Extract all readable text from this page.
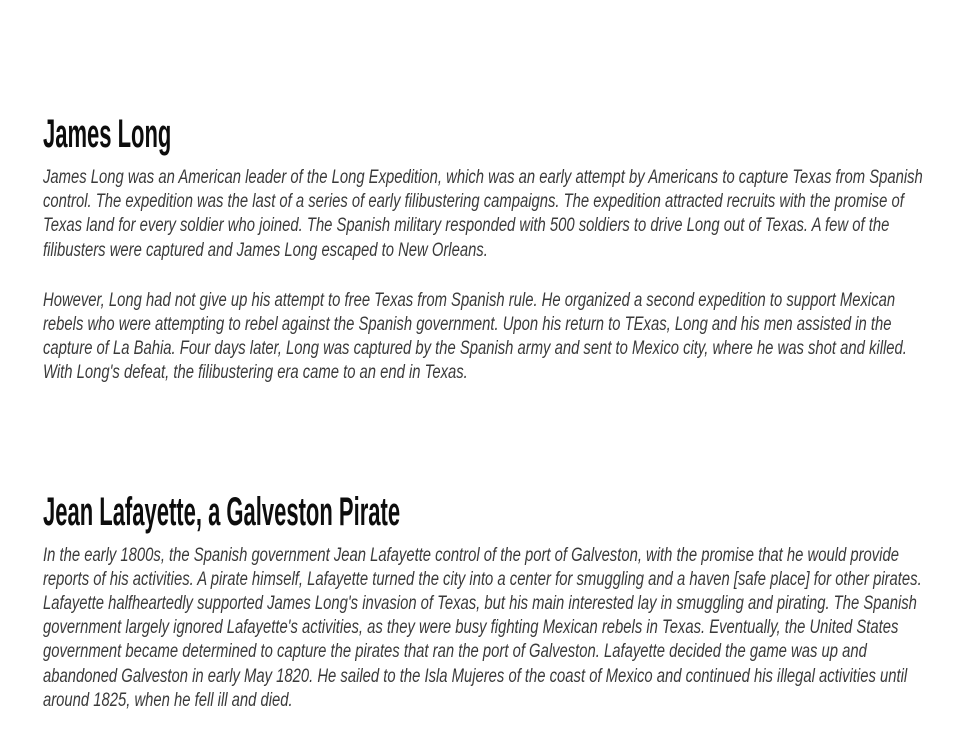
James Long

James Long was an American leader of the Long Expedition, which was an early attempt by Americans to capture Texas from Spanish control. The expedition was the last of a series of early filibustering campaigns. The expedition attracted recruits with the promise of Texas land for every soldier who joined. The Spanish military responded with 500 soldiers to drive Long out of Texas. A few of the filibusters were captured and James Long escaped to New Orleans.

However, Long had not give up his attempt to free Texas from Spanish rule. He organized a second expedition to support Mexican rebels who were attempting to rebel against the Spanish government. Upon his return to TExas, Long and his men assisted in the capture of La Bahia. Four days later, Long was captured by the Spanish army and sent to Mexico city, where he was shot and killed. With Long's defeat, the filibustering era came to an end in Texas.

Jean Lafayette, a Galveston Pirate

In the early 1800s, the Spanish government Jean Lafayette control of the port of Galveston, with the promise that he would provide reports of his activities. A pirate himself, Lafayette turned the city into a center for smuggling and a haven [safe place] for other pirates. Lafayette halfheartedly supported James Long's invasion of Texas, but his main interested lay in smuggling and pirating. The Spanish government largely ignored Lafayette's activities, as they were busy fighting Mexican rebels in Texas. Eventually, the United States government became determined to capture the pirates that ran the port of Galveston. Lafayette decided the game was up and abandoned Galveston in early May 1820. He sailed to the Isla Mujeres of the coast of Mexico and continued his illegal activities until around 1825, when he fell ill and died.
